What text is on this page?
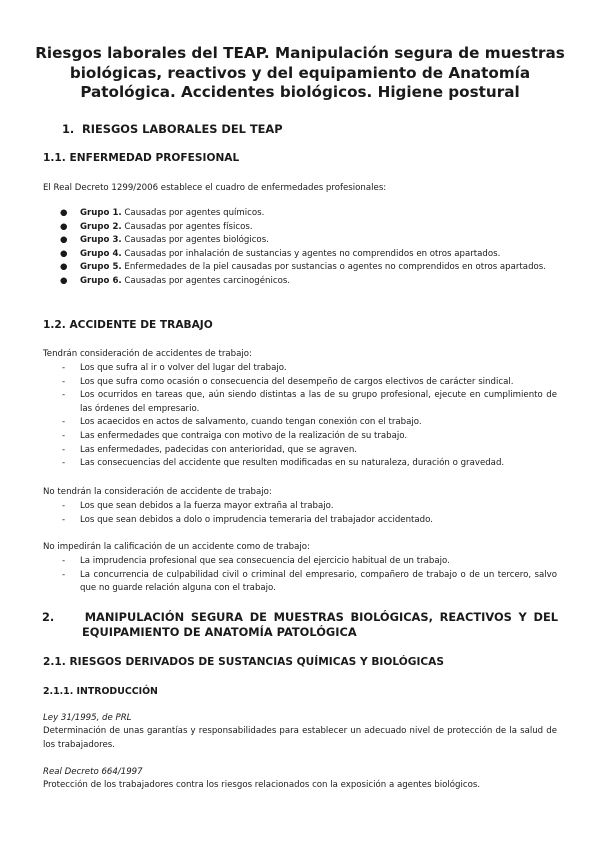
Riesgos laborales del TEAP. Manipulación segura de muestras biológicas, reactivos y del equipamiento de Anatomía Patológica. Accidentes biológicos. Higiene postural
1. RIESGOS LABORALES DEL TEAP
1.1. ENFERMEDAD PROFESIONAL

El Real Decreto 1299/2006 establece el cuadro de enfermedades profesionales:

● Grupo 1. Causadas por agentes químicos.
● Grupo 2. Causadas por agentes físicos.
● Grupo 3. Causadas por agentes biológicos.
● Grupo 4. Causadas por inhalación de sustancias y agentes no comprendidos en otros apartados.
● Grupo 5. Enfermedades de la piel causadas por sustancias o agentes no comprendidos en otros apartados.
● Grupo 6. Causadas por agentes carcinogénicos.
1.2. ACCIDENTE DE TRABAJO

Tendrán consideración de accidentes de trabajo:

- Los que sufra al ir o volver del lugar del trabajo.
- Los que sufra como ocasión o consecuencia del desempeño de cargos electivos de carácter sindical.
- Los ocurridos en tareas que, aún siendo distintas a las de su grupo profesional, ejecute en cumplimiento de las órdenes del empresario.
- Los acaecidos en actos de salvamento, cuando tengan conexión con el trabajo.
- Las enfermedades que contraiga con motivo de la realización de su trabajo.
- Las enfermedades, padecidas con anterioridad, que se agraven.
- Las consecuencias del accidente que resulten modificadas en su naturaleza, duración o gravedad.

No tendrán la consideración de accidente de trabajo:

- Los que sean debidos a la fuerza mayor extraña al trabajo.
- Los que sean debidos a dolo o imprudencia temeraria del trabajador accidentado.

No impedirán la calificación de un accidente como de trabajo:

- La imprudencia profesional que sea consecuencia del ejercicio habitual de un trabajo.
- La concurrencia de culpabilidad civil o criminal del empresario, compañero de trabajo o de un tercero, salvo que no guarde relación alguna con el trabajo.
2.	MANIPULACIÓN SEGURA DE MUESTRAS BIOLÓGICAS, REACTIVOS Y DEL EQUIPAMIENTO DE ANATOMÍA PATOLÓGICA
2.1. RIESGOS DERIVADOS DE SUSTANCIAS QUÍMICAS Y BIOLÓGICAS
2.1.1. INTRODUCCIÓN

Ley 31/1995, de PRL

Determinación de unas garantías y responsabilidades para establecer un adecuado nivel de protección de la salud de los trabajadores.

Real Decreto 664/1997

Protección de los trabajadores contra los riesgos relacionados con la exposición a agentes biológicos.
